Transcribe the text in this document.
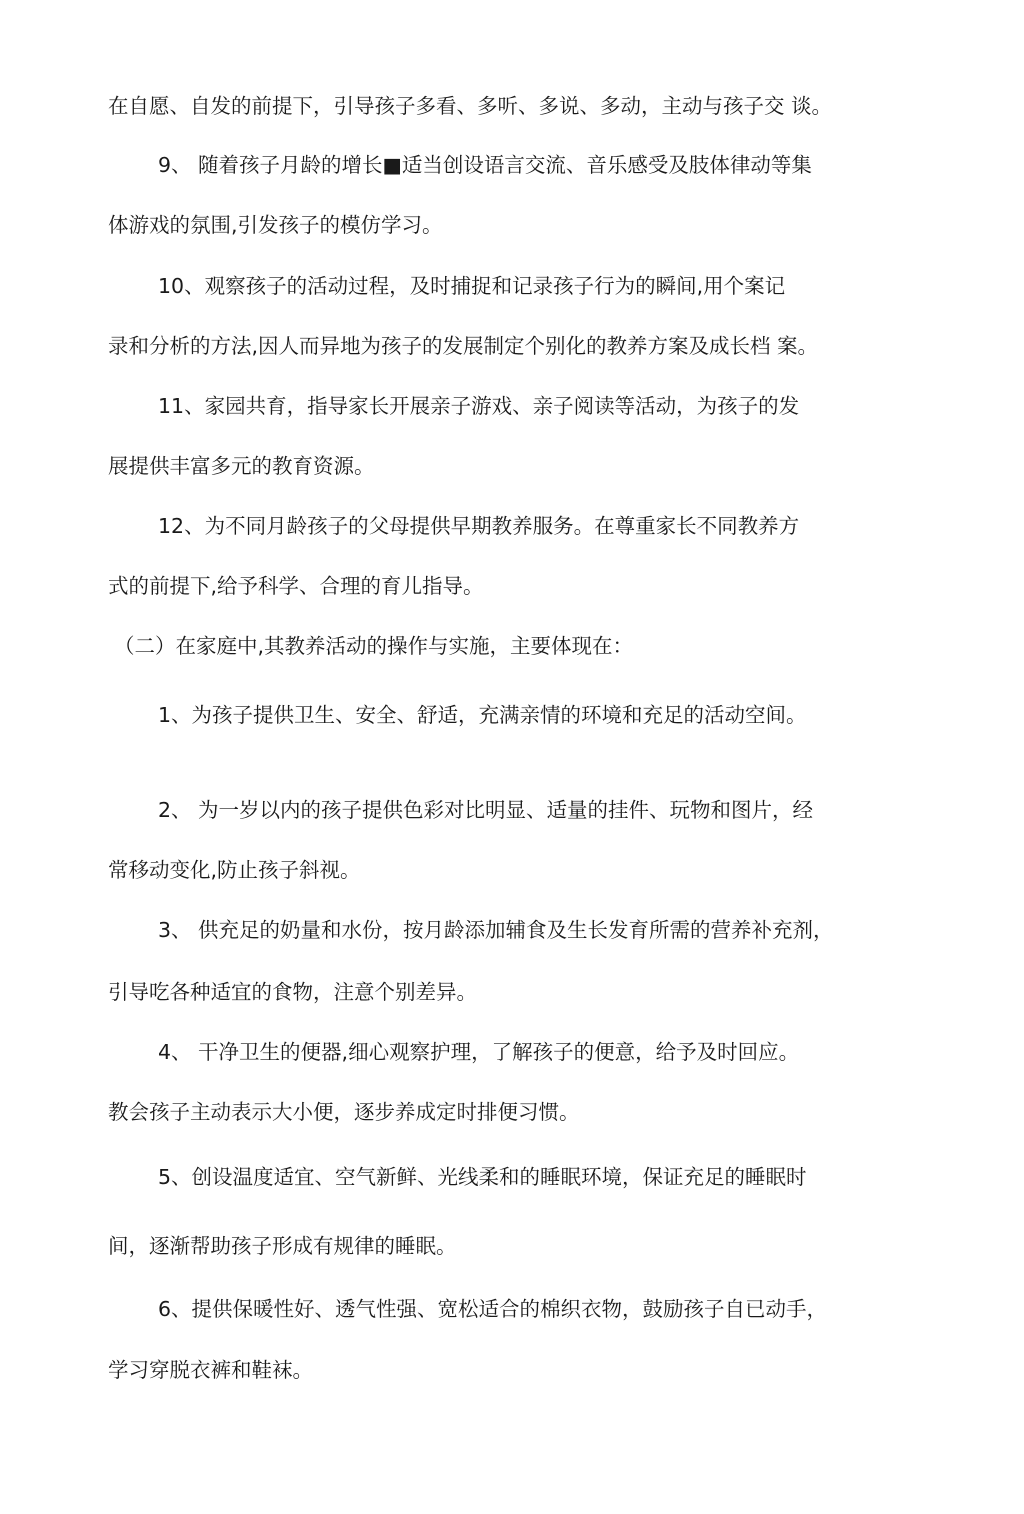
在自愿、自发的前提下，引导孩子多看、多听、多说、多动，主动与孩子交 谈。
9、 随着孩子月龄的增长■适当创设语言交流、音乐感受及肢体律动等集
体游戏的氛围,引发孩子的模仿学习。
10、观察孩子的活动过程，及时捕捉和记录孩子行为的瞬间,用个案记
录和分析的方法,因人而异地为孩子的发展制定个别化的教养方案及成长档 案。
11、家园共育，指导家长开展亲子游戏、亲子阅读等活动，为孩子的发
展提供丰富多元的教育资源。
12、为不同月龄孩子的父母提供早期教养服务。在尊重家长不同教养方
式的前提下,给予科学、合理的育儿指导。
（二）在家庭中,其教养活动的操作与实施，主要体现在：
1、为孩子提供卫生、安全、舒适，充满亲情的环境和充足的活动空间。
2、 为一岁以内的孩子提供色彩对比明显、适量的挂件、玩物和图片，经
常移动变化,防止孩子斜视。
3、 供充足的奶量和水份，按月龄添加辅食及生长发育所需的营养补充剂，
引导吃各种适宜的食物，注意个别差异。
4、 干净卫生的便器,细心观察护理，了解孩子的便意，给予及时回应。
教会孩子主动表示大小便，逐步养成定时排便习惯。
5、创设温度适宜、空气新鲜、光线柔和的睡眠环境，保证充足的睡眠时
间，逐渐帮助孩子形成有规律的睡眠。
6、提供保暖性好、透气性强、宽松适合的棉织衣物，鼓励孩子自已动手，
学习穿脱衣裤和鞋袜。
